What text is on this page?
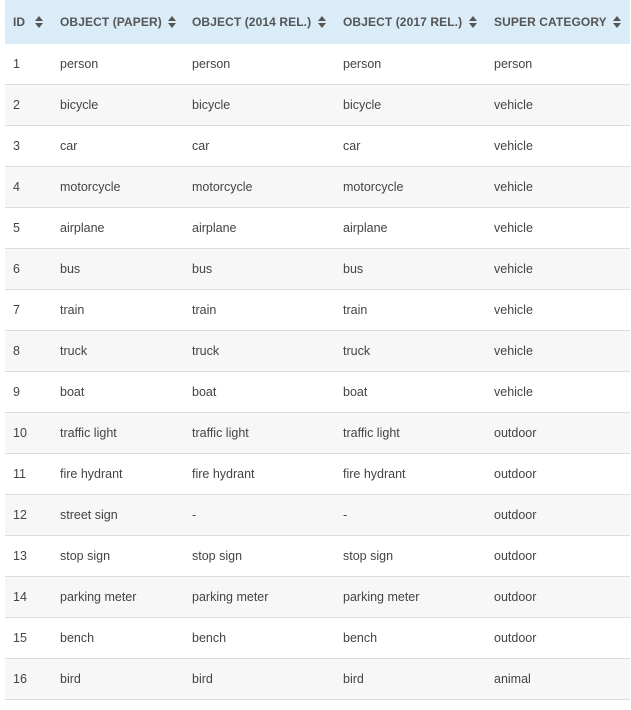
ID	OBJECT (PAPER)	OBJECT (2014 REL.)	OBJECT (2017 REL.)	SUPER CATEGORY

1	person	person	person	person
2	bicycle	bicycle	bicycle	vehicle
3	car	car	car	vehicle
4	motorcycle	motorcycle	motorcycle	vehicle
5	airplane	airplane	airplane	vehicle
6	bus	bus	bus	vehicle
7	train	train	train	vehicle
8	truck	truck	truck	vehicle
9	boat	boat	boat	vehicle
10	traffic light	traffic light	traffic light	outdoor
11	fire hydrant	fire hydrant	fire hydrant	outdoor
12	street sign	-	-	outdoor
13	stop sign	stop sign	stop sign	outdoor
14	parking meter	parking meter	parking meter	outdoor
15	bench	bench	bench	outdoor
16	bird	bird	bird	animal
